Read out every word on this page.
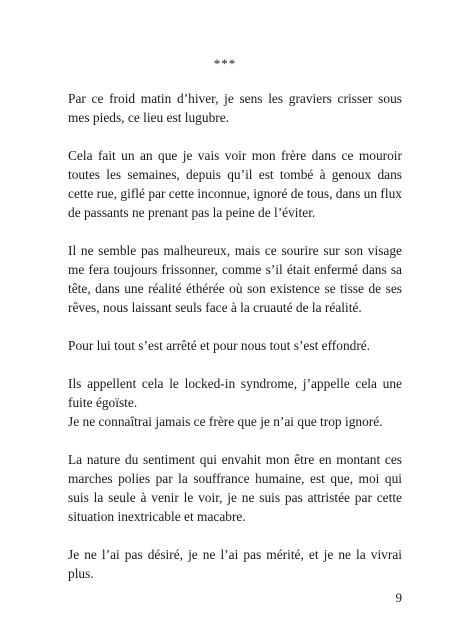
***

Par ce froid matin d’hiver, je sens les graviers crisser sous mes pieds, ce lieu est lugubre.

Cela fait un an que je vais voir mon frère dans ce mouroir toutes les semaines, depuis qu’il est tombé à genoux dans cette rue, giflé par cette inconnue, ignoré de tous, dans un flux de passants ne prenant pas la peine de l’éviter.

Il ne semble pas malheureux, mais ce sourire sur son visage me fera toujours frissonner, comme s’il était enfermé dans sa tête, dans une réalité éthérée où son existence se tisse de ses rêves, nous laissant seuls face à la cruauté de la réalité.

Pour lui tout s’est arrêté et pour nous tout s’est effondré.

Ils appellent cela le locked-in syndrome, j’appelle cela une fuite égoïste.

Je ne connaîtrai jamais ce frère que je n’ai que trop ignoré.

La nature du sentiment qui envahit mon être en montant ces marches polies par la souffrance humaine, est que, moi qui suis la seule à venir le voir, je ne suis pas attristée par cette situation inextricable et macabre.

Je ne l’ai pas désiré, je ne l’ai pas mérité, et je ne la vivrai plus.

9
